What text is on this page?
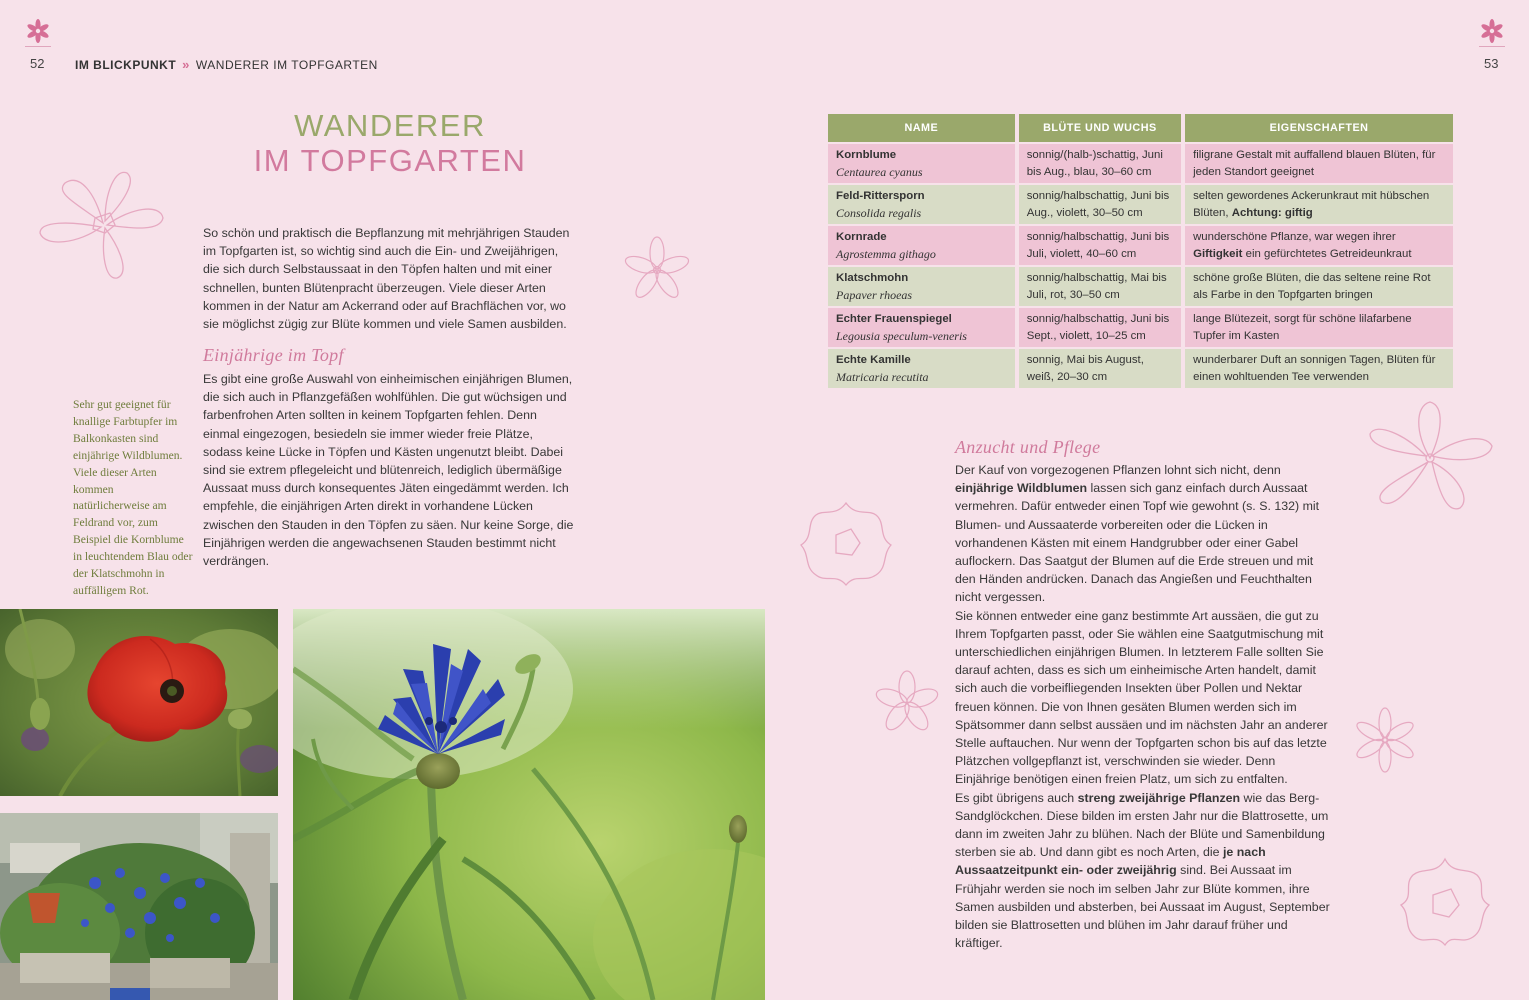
52	53
IM BLICKPUNKT » WANDERER IM TOPFGARTEN
WANDERER
IM TOPFGARTEN

So schön und praktisch die Bepflanzung mit mehrjährigen Stauden im Topfgarten ist, so wichtig sind auch die Ein- und Zweijährigen, die sich durch Selbstaussaat in den Töpfen halten und mit einer schnellen, bunten Blütenpracht überzeugen. Viele dieser Arten kommen in der Natur am Ackerrand oder auf Brachflächen vor, wo sie möglichst zügig zur Blüte kommen und viele Samen ausbilden.

Einjährige im Topf

Es gibt eine große Auswahl von einheimischen einjährigen Blumen, die sich auch in Pflanzgefäßen wohlfühlen. Die gut wüchsigen und farbenfrohen Arten sollten in keinem Topfgarten fehlen. Denn einmal eingezogen, besiedeln sie immer wieder freie Plätze, sodass keine Lücke in Töpfen und Kästen ungenutzt bleibt. Dabei sind sie extrem pflegeleicht und blütenreich, lediglich übermäßige Aussaat muss durch konsequentes Jäten eingedämmt werden. Ich empfehle, die einjährigen Arten direkt in vorhandene Lücken zwischen den Stauden in den Töpfen zu säen. Nur keine Sorge, die Einjährigen werden die angewachsenen Stauden bestimmt nicht verdrängen.

Sehr gut geeignet für knallige Farbtupfer im Balkonkasten sind einjährige Wildblumen. Viele dieser Arten kommen natürlicherweise am Feldrand vor, zum Beispiel die Kornblume in leuchtendem Blau oder der Klatschmohn in auffälligem Rot.

NAME	BLÜTE UND WUCHS	EIGENSCHAFTEN

Kornblume
Centaurea cyanus	sonnig/(halb-)schattig, Juni bis Aug., blau, 30–60 cm	filigrane Gestalt mit auffallend blauen Blüten, für jeden Standort geeignet

Feld-Rittersporn
Consolida regalis	sonnig/halbschattig, Juni bis Aug., violett, 30–50 cm	selten gewordenes Ackerunkraut mit hübschen Blüten, Achtung: giftig

Kornrade
Agrostemma githago	sonnig/halbschattig, Juni bis Juli, violett, 40–60 cm	wunderschöne Pflanze, war wegen ihrer Giftigkeit ein gefürchtetes Getreideunkraut

Klatschmohn
Papaver rhoeas	sonnig/halbschattig, Mai bis Juli, rot, 30–50 cm	schöne große Blüten, die das seltene reine Rot als Farbe in den Topfgarten bringen

Echter Frauenspiegel
Legousia speculum-veneris	sonnig/halbschattig, Juni bis Sept., violett, 10–25 cm	lange Blütezeit, sorgt für schöne lilafarbene Tupfer im Kasten

Echte Kamille
Matricaria recutita	sonnig, Mai bis August, weiß, 20–30 cm	wunderbarer Duft an sonnigen Tagen, Blüten für einen wohltuenden Tee verwenden
Anzucht und Pflege

Der Kauf von vorgezogenen Pflanzen lohnt sich nicht, denn einjährige Wildblumen lassen sich ganz einfach durch Aussaat vermehren. Dafür entweder einen Topf wie gewohnt (s. S. 132) mit Blumen- und Aussaaterde vorbereiten oder die Lücken in vorhandenen Kästen mit einem Handgrubber oder einer Gabel auflockern. Das Saatgut der Blumen auf die Erde streuen und mit den Händen andrücken. Danach das Angießen und Feuchthalten nicht vergessen.

Sie können entweder eine ganz bestimmte Art aussäen, die gut zu Ihrem Topfgarten passt, oder Sie wählen eine Saatgutmischung mit unterschiedlichen einjährigen Blumen. In letzterem Falle sollten Sie darauf achten, dass es sich um einheimische Arten handelt, damit sich auch die vorbeifliegenden Insekten über Pollen und Nektar freuen können. Die von Ihnen gesäten Blumen werden sich im Spätsommer dann selbst aussäen und im nächsten Jahr an anderer Stelle auftauchen. Nur wenn der Topfgarten schon bis auf das letzte Plätzchen vollgepflanzt ist, verschwinden sie wieder. Denn Einjährige benötigen einen freien Platz, um sich zu entfalten.

Es gibt übrigens auch streng zweijährige Pflanzen wie das Berg-Sandglöckchen. Diese bilden im ersten Jahr nur die Blattrosette, um dann im zweiten Jahr zu blühen. Nach der Blüte und Samenbildung sterben sie ab. Und dann gibt es noch Arten, die je nach Aussaatzeitpunkt ein- oder zweijährig sind. Bei Aussaat im Frühjahr werden sie noch im selben Jahr zur Blüte kommen, ihre Samen ausbilden und absterben, bei Aussaat im August, September bilden sie Blattrosetten und blühen im Jahr darauf früher und kräftiger.
